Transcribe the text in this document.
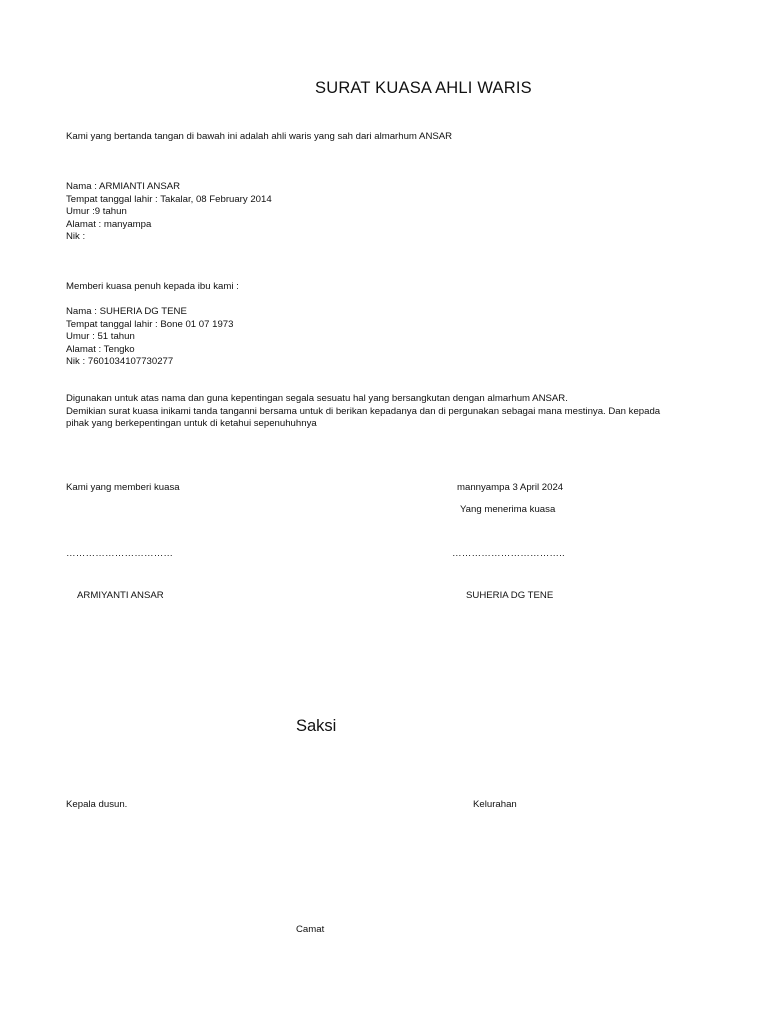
SURAT KUASA AHLI WARIS
Kami yang bertanda tangan di bawah ini adalah ahli waris yang sah dari almarhum ANSAR
Nama : ARMIANTI ANSAR
Tempat tanggal lahir : Takalar, 08 February 2014
Umur :9 tahun
Alamat : manyampa
Nik :
Memberi kuasa penuh kepada ibu kami :
Nama : SUHERIA DG TENE
Tempat tanggal lahir : Bone 01 07 1973
Umur : 51 tahun
Alamat : Tengko
Nik : 7601034107730277
Digunakan untuk atas nama dan guna kepentingan segala sesuatu hal yang bersangkutan dengan almarhum ANSAR.
Demikian surat kuasa inikami tanda tanganni bersama untuk di berikan kepadanya dan di pergunakan sebagai mana mestinya. Dan kepada
pihak yang berkepentingan untuk di ketahui sepenuhuhnya
Kami yang memberi kuasa	mannyampa 3 April 2024
Yang menerima kuasa
……………………………	……………………………..
ARMIYANTI ANSAR	SUHERIA DG TENE
Saksi
Kepala dusun.	Kelurahan
Camat
